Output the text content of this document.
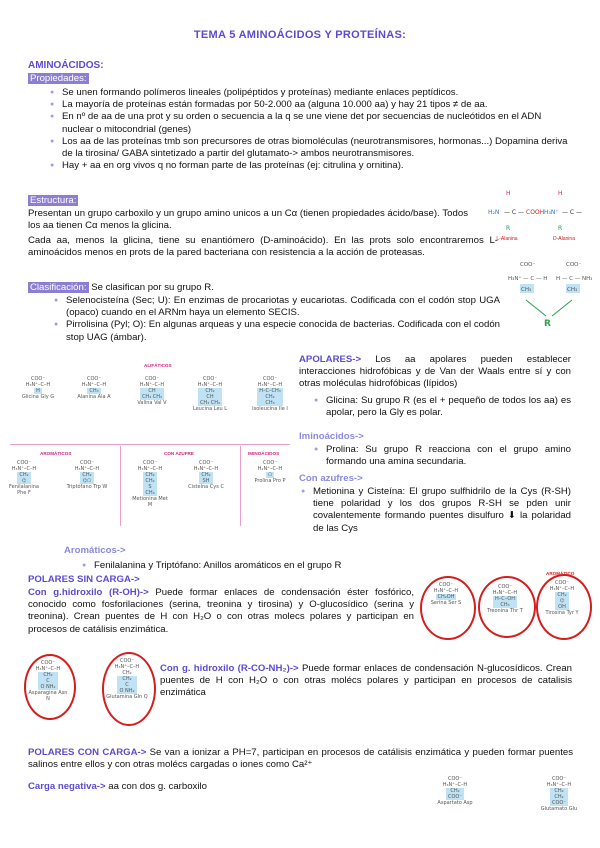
TEMA 5 AMINOÁCIDOS Y PROTEÍNAS:
AMINOÁCIDOS:
Propiedades:
● Se unen formando polímeros lineales (polipéptidos y proteínas) mediante enlaces peptídicos.
● La mayoría de proteínas están formadas por 50-2.000 aa (alguna 10.000 aa) y hay 21 tipos ≠ de aa.
● En nº de aa de una prot y su orden o secuencia a la q se une viene det por secuencias de nucleótidos en el ADN nuclear o mitocondrial (genes)
● Los aa de las proteínas tmb son precursores de otras biomoléculas (neurotransmisores, hormonas...) Dopamina deriva de la tirosina/ GABA sintetizado a partir del glutamato-> ambos neurotransmisores.
● Hay + aa en org vivos q no forman parte de las proteínas (ej: citrulina y ornitina).
Estructura:
Presentan un grupo carboxilo y un grupo amino unicos a un Cα (tienen propiedades ácido/base). Todos los aa tienen Cα menos la glicina.
Cada aa, menos la glicina, tiene su enantiómero (D-aminoácido). En las prots solo encontraremos L-aminoácidos menos en prots de la pared bacteriana con resistencia a la acción de proteasas.
Clasificación: Se clasifican por su grupo R.
● Selenocisteína (Sec; U): En enzimas de procariotas y eucariotas. Codificada con el codón stop UGA (opaco) cuando en el ARNm haya un elemento SECIS.
● Pirrolisina (Pyl; O): En algunas arqueas y una especie conocida de bacterias. Codificada con el codón stop UAG (ámbar).
H
H₂N — C — COOH
R
H
H₃N⁺ — C —
R
L-Alanina	D-Alanina
COO⁻
H₃N⁺ — C — H
CH₃
COO⁻
H — C — NH₃
CH₃
R
ALIFÁTICOS
COO⁻
H₃N⁺–C–H
H
Glicina Gly G
COO⁻
H₃N⁺–C–H
CH₃
Alanina Ala A
COO⁻
H₃N⁺–C–H
CH
CH₃ CH₃
Valina Val V
COO⁻
H₃N⁺–C–H
CH₂
CH
CH₃ CH₃
Leucina Leu L
COO⁻
H₃N⁺–C–H
H–C–CH₃
CH₂
CH₃
Isoleucina Ile I
AROMÁTICOS	CON AZUFRE	IMINOÁCIDOS
COO⁻
H₃N⁺–C–H
CH₂
⌬
Fenilalanina Phe F
COO⁻
H₃N⁺–C–H
CH₂
⌬⬠
Triptófano Trp W
COO⁻
H₃N⁺–C–H
CH₂
CH₂
S
CH₃
Metionina Met M
COO⁻
H₃N⁺–C–H
CH₂
SH
Cisteína Cys C
COO⁻
H₂N⁺–C–H
⬠
Prolina Pro P
APOLARES-> Los aa apolares pueden establecer interacciones hidrofóbicas y de Van der Waals entre sí y con otras moléculas hidrofóbicas (lípidos)
● Glicina: Su grupo R (es el + pequeño de todos los aa) es apolar, pero la Gly es polar.
Iminoácidos->
● Prolina: Su grupo R reacciona con el grupo amino formando una amina secundaria.
Con azufres->
● Metionina y Cisteína: El grupo sulfhidrilo de la Cys (R-SH) tiene polaridad y los dos grupos R-SH se pden unir covalentemente formando puentes disulfuro ⬇ la polaridad de las Cys
Aromáticos->
● Fenilalanina y Triptófano: Anillos aromáticos en el grupo R
POLARES SIN CARGA->
Con g.hidroxilo (R-OH)-> Puede formar enlaces de condensación éster fosfórico, conocido como fosforilaciones (serina, treonina y tirosina) y O-glucosídico (serina y treonina). Crean puentes de H con H₂O o con otras molecs polares y participan en procesos de catálisis enzimática.
COO⁻
H₃N⁺–C–H
CH₂OH
Serina Ser S
COO⁻
H₃N⁺–C–H
H–C–OH
CH₃
Treonina Thr T
AROMÁTICO
COO⁻
H₃N⁺–C–H
CH₂
⌬
OH
Tirosina Tyr Y
COO⁻
H₃N⁺–C–H
CH₂
C
O NH₂
Asparagina Asn N
COO⁻
H₃N⁺–C–H
CH₂
CH₂
C
O NH₂
Glutamina Gln Q
Con g. hidroxilo (R-CO-NH₂)-> Puede formar enlaces de condensación N-glucosídicos. Crean puentes de H con H₂O o con otras molécs polares y participan en procesos de catalisis enzimática
POLARES CON CARGA-> Se van a ionizar a PH=7, participan en procesos de catálisis enzimática y pueden formar puentes salinos entre ellos y con otras molécs cargadas o iones como Ca²⁺
Carga negativa-> aa con dos g. carboxilo
COO⁻
H₃N⁺–C–H
CH₂
COO⁻
Aspartato Asp
COO⁻
H₃N⁺–C–H
CH₂
CH₂
COO⁻
Glutamato Glu
